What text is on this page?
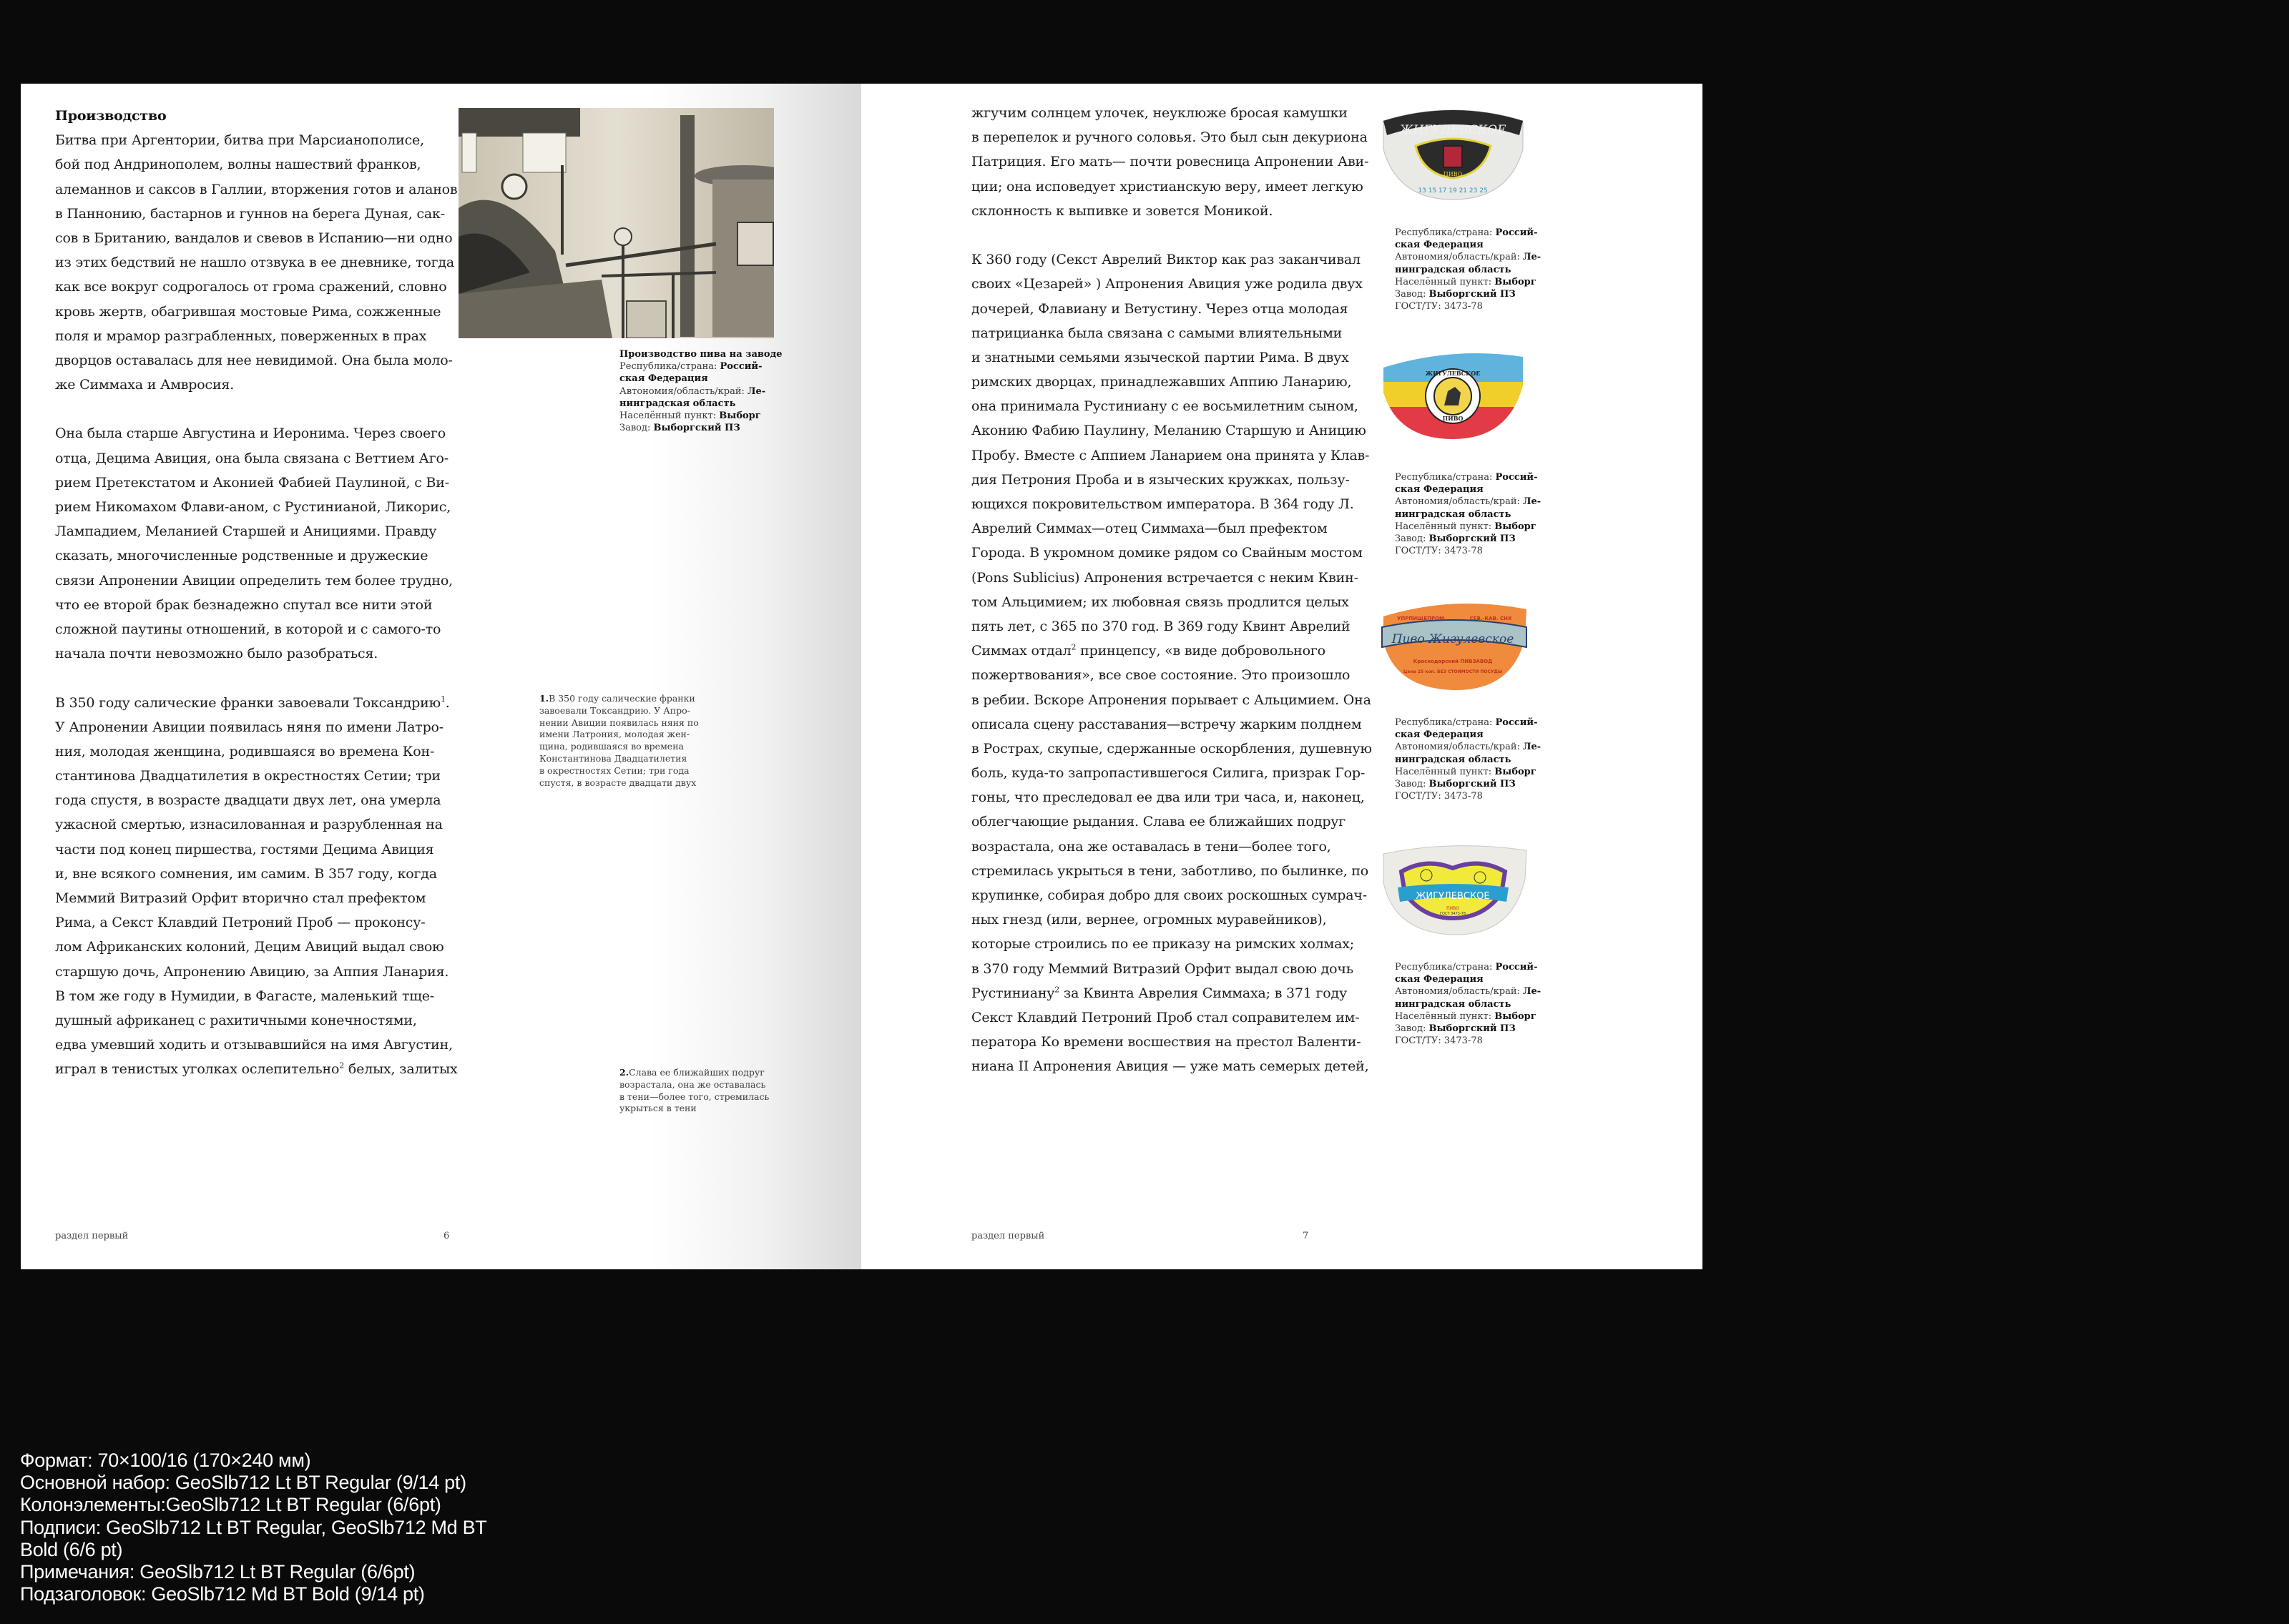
Производство
Битва при Аргентории, битва при Марсианополисе,
бой под Андринополем, волны нашествий франков,
алеманнов и саксов в Галлии, вторжения готов и аланов
в Паннонию, бастарнов и гуннов на берега Дуная, сак-
сов в Британию, вандалов и свевов в Испанию—ни одно
из этих бедствий не нашло отзвука в ее дневнике, тогда
как все вокруг содрогалось от грома сражений, словно
кровь жертв, обагрившая мостовые Рима, сожженные
поля и мрамор разграбленных, поверженных в прах
дворцов оставалась для нее невидимой. Она была моло-
же Симмаха и Амвросия.
Она была старше Августина и Иеронима. Через своего
отца, Децима Авиция, она была связана с Веттием Аго-
рием Претекстатом и Аконией Фабией Паулиной, с Ви-
рием Никомахом Флави-аном, с Рустинианой, Ликорис,
Лампадием, Меланией Старшей и Анициями. Правду
сказать, многочисленные родственные и дружеские
связи Апронении Авиции определить тем более трудно,
что ее второй брак безнадежно спутал все нити этой
сложной паутины отношений, в которой и с самого-то
начала почти невозможно было разобраться.
В 350 году салические франки завоевали Токсандрию$^1$.
У Апронении Авиции появилась няня по имени Латро-
ния, молодая женщина, родившаяся во времена Кон-
стантинова Двадцатилетия в окрестностях Сетии; три
года спустя, в возрасте двадцати двух лет, она умерла
ужасной смертью, изнасилованная и разрубленная на
части под конец пиршества, гостями Децима Авиция
и, вне всякого сомнения, им самим. В 357 году, когда
Меммий Витразий Орфит вторично стал префектом
Рима, а Секст Клавдий Петроний Проб — проконсу-
лом Африканских колоний, Децим Авиций выдал свою
старшую дочь, Апронению Авицию, за Аппия Ланария.
В том же году в Нумидии, в Фагасте, маленький тще-
душный африканец с рахитичными конечностями,
едва умевший ходить и отзывавшийся на имя Августин,
играл в тенистых уголках ослепительно$^2$ белых, залитых
Производство пива на заводе
Республика/страна: Россий-
ская Федерация
Автономия/область/край: Ле-
нинградская область
Населённый пункт: Выборг
Завод: Выборгский ПЗ
1.В 350 году салические франки
завоевали Токсандрию. У Апро-
нении Авиции появилась няня по
имени Латрония, молодая жен-
щина, родившаяся во времена
Константинова Двадцатилетия
в окрестностях Сетии; три года
спустя, в возрасте двадцати двух
2.Слава ее ближайших подруг
возрастала, она же оставалась
в тени—более того, стремилась
укрыться в тени
раздел первый	6
жгучим солнцем улочек, неуклюже бросая камушки
в перепелок и ручного соловья. Это был сын декуриона
Патриция. Его мать— почти ровесница Апронении Ави-
ции; она исповедует христианскую веру, имеет легкую
склонность к выпивке и зовется Моникой.
К 360 году (Секст Аврелий Виктор как раз заканчивал
своих «Цезарей» ) Апронения Авиция уже родила двух
дочерей, Флавиану и Ветустину. Через отца молодая
патрицианка была связана с самыми влиятельными
и знатными семьями языческой партии Рима. В двух
римских дворцах, принадлежавших Аппию Ланарию,
она принимала Рустиниану с ее восьмилетним сыном,
Аконию Фабию Паулину, Меланию Старшую и Аницию
Пробу. Вместе с Аппием Ланарием она принята у Клав-
дия Петрония Проба и в языческих кружках, пользу-
ющихся покровительством императора. В 364 году Л.
Аврелий Симмах—отец Симмаха—был префектом
Города. В укромном домике рядом со Свайным мостом
(Pons Sublicius) Апронения встречается с неким Квин-
том Альцимием; их любовная связь продлится целых
пять лет, с 365 по 370 год. В 369 году Квинт Аврелий
Симмах отдал$^2$ принцепсу, «в виде добровольного
пожертвования», все свое состояние. Это произошло
в ребии. Вскоре Апронения порывает с Альцимием. Она
описала сцену расставания—встречу жарким полднем
в Ростpах, скупые, сдержанные оскорбления, душевную
боль, куда-то запропастившегося Силига, призрак Гор-
гоны, что преследовал ее два или три часа, и, наконец,
облегчающие рыдания. Слава ее ближайших подруг
возрастала, она же оставалась в тени—более того,
стремилась укрыться в тени, заботливо, по былинке, по
крупинке, собирая добро для своих роскошных сумрач-
ных гнезд (или, вернее, огромных муравейников),
которые строились по ее приказу на римских холмах;
в 370 году Меммий Витразий Орфит выдал свою дочь
Рустиниану$^2$ за Квинта Аврелия Симмаха; в 371 году
Секст Клавдий Петроний Проб стал соправителем им-
ператора Ко времени восшествия на престол Валенти-
ниана II Апронения Авиция — уже мать семерых детей,
ЖИГУЛЕВСКОЕ
ПИВО
13 15 17 19 21 23 25
Республика/страна: Россий-
ская Федерация
Автономия/область/край: Ле-
нинградская область
Населённый пункт: Выборг
Завод: Выборгский ПЗ
ГОСТ/ТУ: 3473-78
ЖИГУЛЕВСКОЕ
ПИВО
Республика/страна: Россий-
ская Федерация
Автономия/область/край: Ле-
нинградская область
Населённый пункт: Выборг
Завод: Выборгский ПЗ
ГОСТ/ТУ: 3473-78
Пиво Жигулевское
УПРПИЩЕПРОМ	СЕВ.-КАВ. СНХ
Краснодарский ПИВЗАВОД
Цена 25 коп. БЕЗ СТОИМОСТИ ПОСУДЫ
Республика/страна: Россий-
ская Федерация
Автономия/область/край: Ле-
нинградская область
Населённый пункт: Выборг
Завод: Выборгский ПЗ
ГОСТ/ТУ: 3473-78
ЖИГУЛЕВСКОЕ
ПИВО
ГОСТ 3473-78
Республика/страна: Россий-
ская Федерация
Автономия/область/край: Ле-
нинградская область
Населённый пункт: Выборг
Завод: Выборгский ПЗ
ГОСТ/ТУ: 3473-78
раздел первый	7
Формат: 70×100/16 (170×240 мм)
Основной набор: GeoSlb712 Lt BT Regular (9/14 pt)
Колонэлементы:GeoSlb712 Lt BT Regular (6/6pt)
Подписи: GeoSlb712 Lt BT Regular, GeoSlb712 Md BT
Bold (6/6 pt)
Примечания: GeoSlb712 Lt BT Regular (6/6pt)
Подзаголовок: GeoSlb712 Md BT Bold (9/14 pt)
